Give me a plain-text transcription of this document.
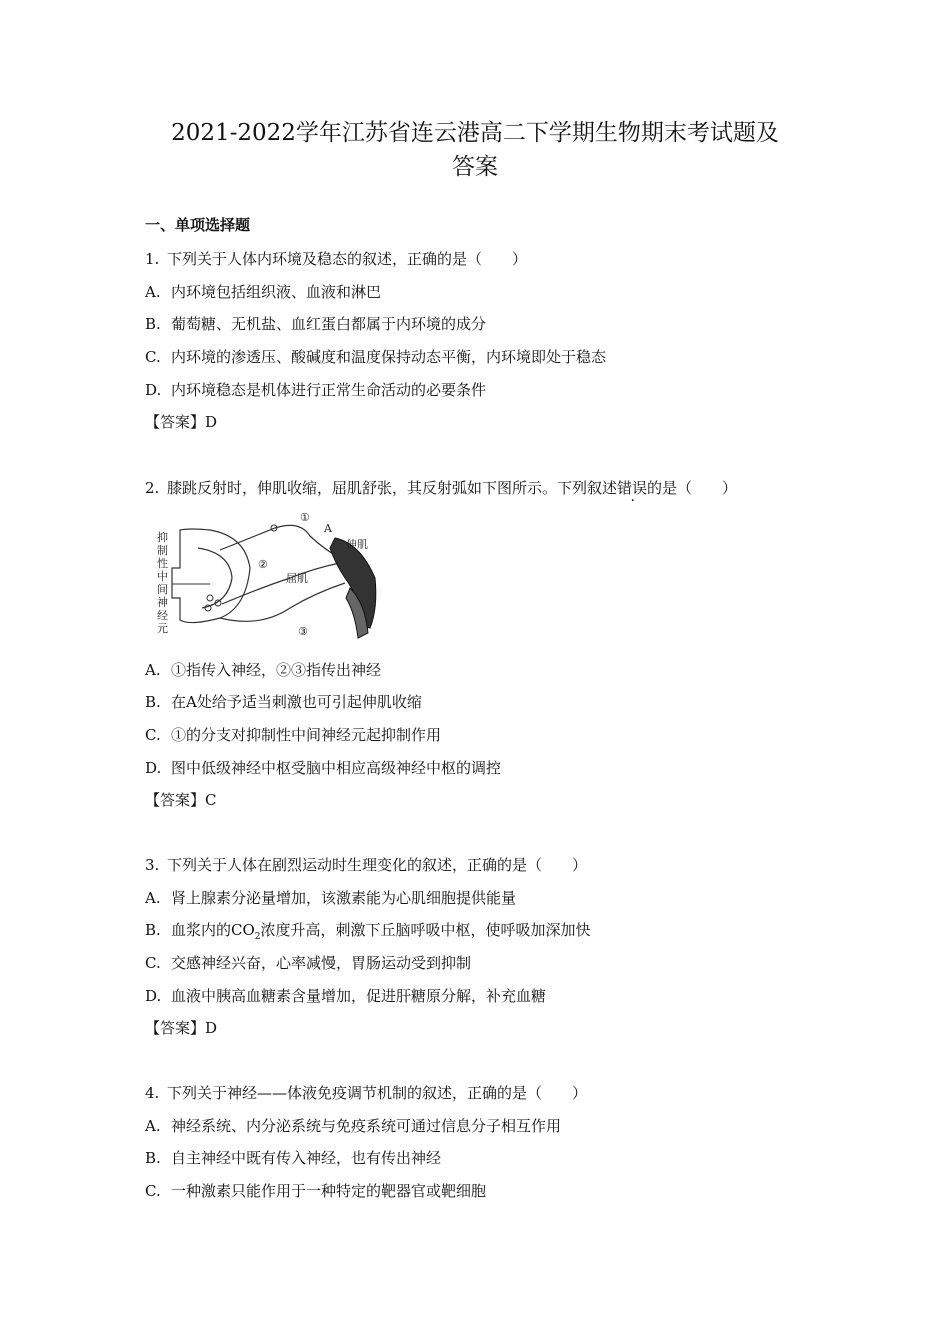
2021-2022学年江苏省连云港高二下学期生物期末考试题及
答案
一、单项选择题
1. 下列关于人体内环境及稳态的叙述，正确的是（　　）
A. 内环境包括组织液、血液和淋巴
B. 葡萄糖、无机盐、血红蛋白都属于内环境的成分
C. 内环境的渗透压、酸碱度和温度保持动态平衡，内环境即处于稳态
D. 内环境稳态是机体进行正常生命活动的必要条件
【答案】D
2. 膝跳反射时，伸肌收缩，屈肌舒张，其反射弧如下图所示。下列叙述错误的是（　　）
抑
制
性
中
间
神
经
元
①
②
③
A
伸肌
屈肌
A. ①指传入神经，②③指传出神经
B. 在A处给予适当刺激也可引起伸肌收缩
C. ①的分支对抑制性中间神经元起抑制作用
D. 图中低级神经中枢受脑中相应高级神经中枢的调控
【答案】C
3. 下列关于人体在剧烈运动时生理变化的叙述，正确的是（　　）
A. 肾上腺素分泌量增加，该激素能为心肌细胞提供能量
B. 血浆内的$CO_2$浓度升高，刺激下丘脑呼吸中枢，使呼吸加深加快
C. 交感神经兴奋，心率减慢，胃肠运动受到抑制
D. 血液中胰高血糖素含量增加，促进肝糖原分解，补充血糖
【答案】D
4. 下列关于神经——体液免疫调节机制的叙述，正确的是（　　）
A. 神经系统、内分泌系统与免疫系统可通过信息分子相互作用
B. 自主神经中既有传入神经，也有传出神经
C. 一种激素只能作用于一种特定的靶器官或靶细胞
